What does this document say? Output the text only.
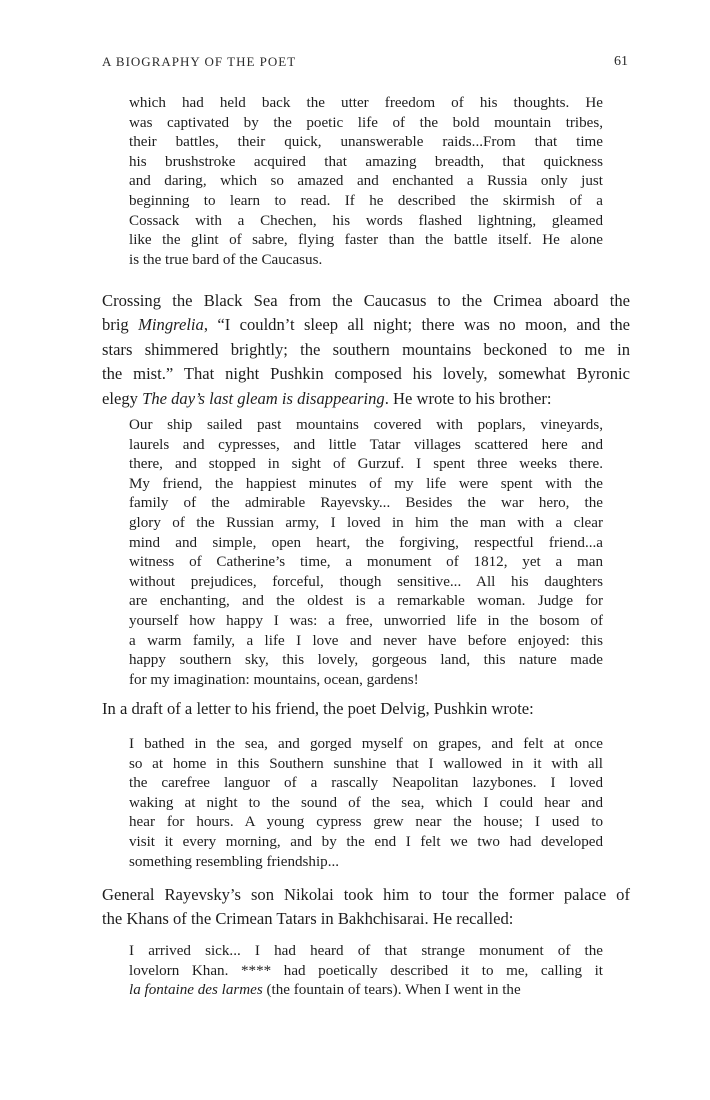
A BIOGRAPHY OF THE POET	61
which had held back the utter freedom of his thoughts. He
was captivated by the poetic life of the bold mountain tribes,
their battles, their quick, unanswerable raids...From that time
his brushstroke acquired that amazing breadth, that quickness
and daring, which so amazed and enchanted a Russia only just
beginning to learn to read. If he described the skirmish of a
Cossack with a Chechen, his words flashed lightning, gleamed
like the glint of sabre, flying faster than the battle itself. He alone
is the true bard of the Caucasus.
Crossing the Black Sea from the Caucasus to the Crimea aboard the
brig Mingrelia, “I couldn’t sleep all night; there was no moon, and the
stars shimmered brightly; the southern mountains beckoned to me in
the mist.” That night Pushkin composed his lovely, somewhat Byronic
elegy The day’s last gleam is disappearing. He wrote to his brother:
Our ship sailed past mountains covered with poplars, vineyards,
laurels and cypresses, and little Tatar villages scattered here and
there, and stopped in sight of Gurzuf. I spent three weeks there.
My friend, the happiest minutes of my life were spent with the
family of the admirable Rayevsky... Besides the war hero, the
glory of the Russian army, I loved in him the man with a clear
mind and simple, open heart, the forgiving, respectful friend...a
witness of Catherine’s time, a monument of 1812, yet a man
without prejudices, forceful, though sensitive... All his daughters
are enchanting, and the oldest is a remarkable woman. Judge for
yourself how happy I was: a free, unworried life in the bosom of
a warm family, a life I love and never have before enjoyed: this
happy southern sky, this lovely, gorgeous land, this nature made
for my imagination: mountains, ocean, gardens!
In a draft of a letter to his friend, the poet Delvig, Pushkin wrote:
I bathed in the sea, and gorged myself on grapes, and felt at once
so at home in this Southern sunshine that I wallowed in it with all
the carefree languor of a rascally Neapolitan lazybones. I loved
waking at night to the sound of the sea, which I could hear and
hear for hours. A young cypress grew near the house; I used to
visit it every morning, and by the end I felt we two had developed
something resembling friendship...
General Rayevsky’s son Nikolai took him to tour the former palace of
the Khans of the Crimean Tatars in Bakhchisarai. He recalled:
I arrived sick... I had heard of that strange monument of the
lovelorn Khan. **** had poetically described it to me, calling it
la fontaine des larmes (the fountain of tears). When I went in the
